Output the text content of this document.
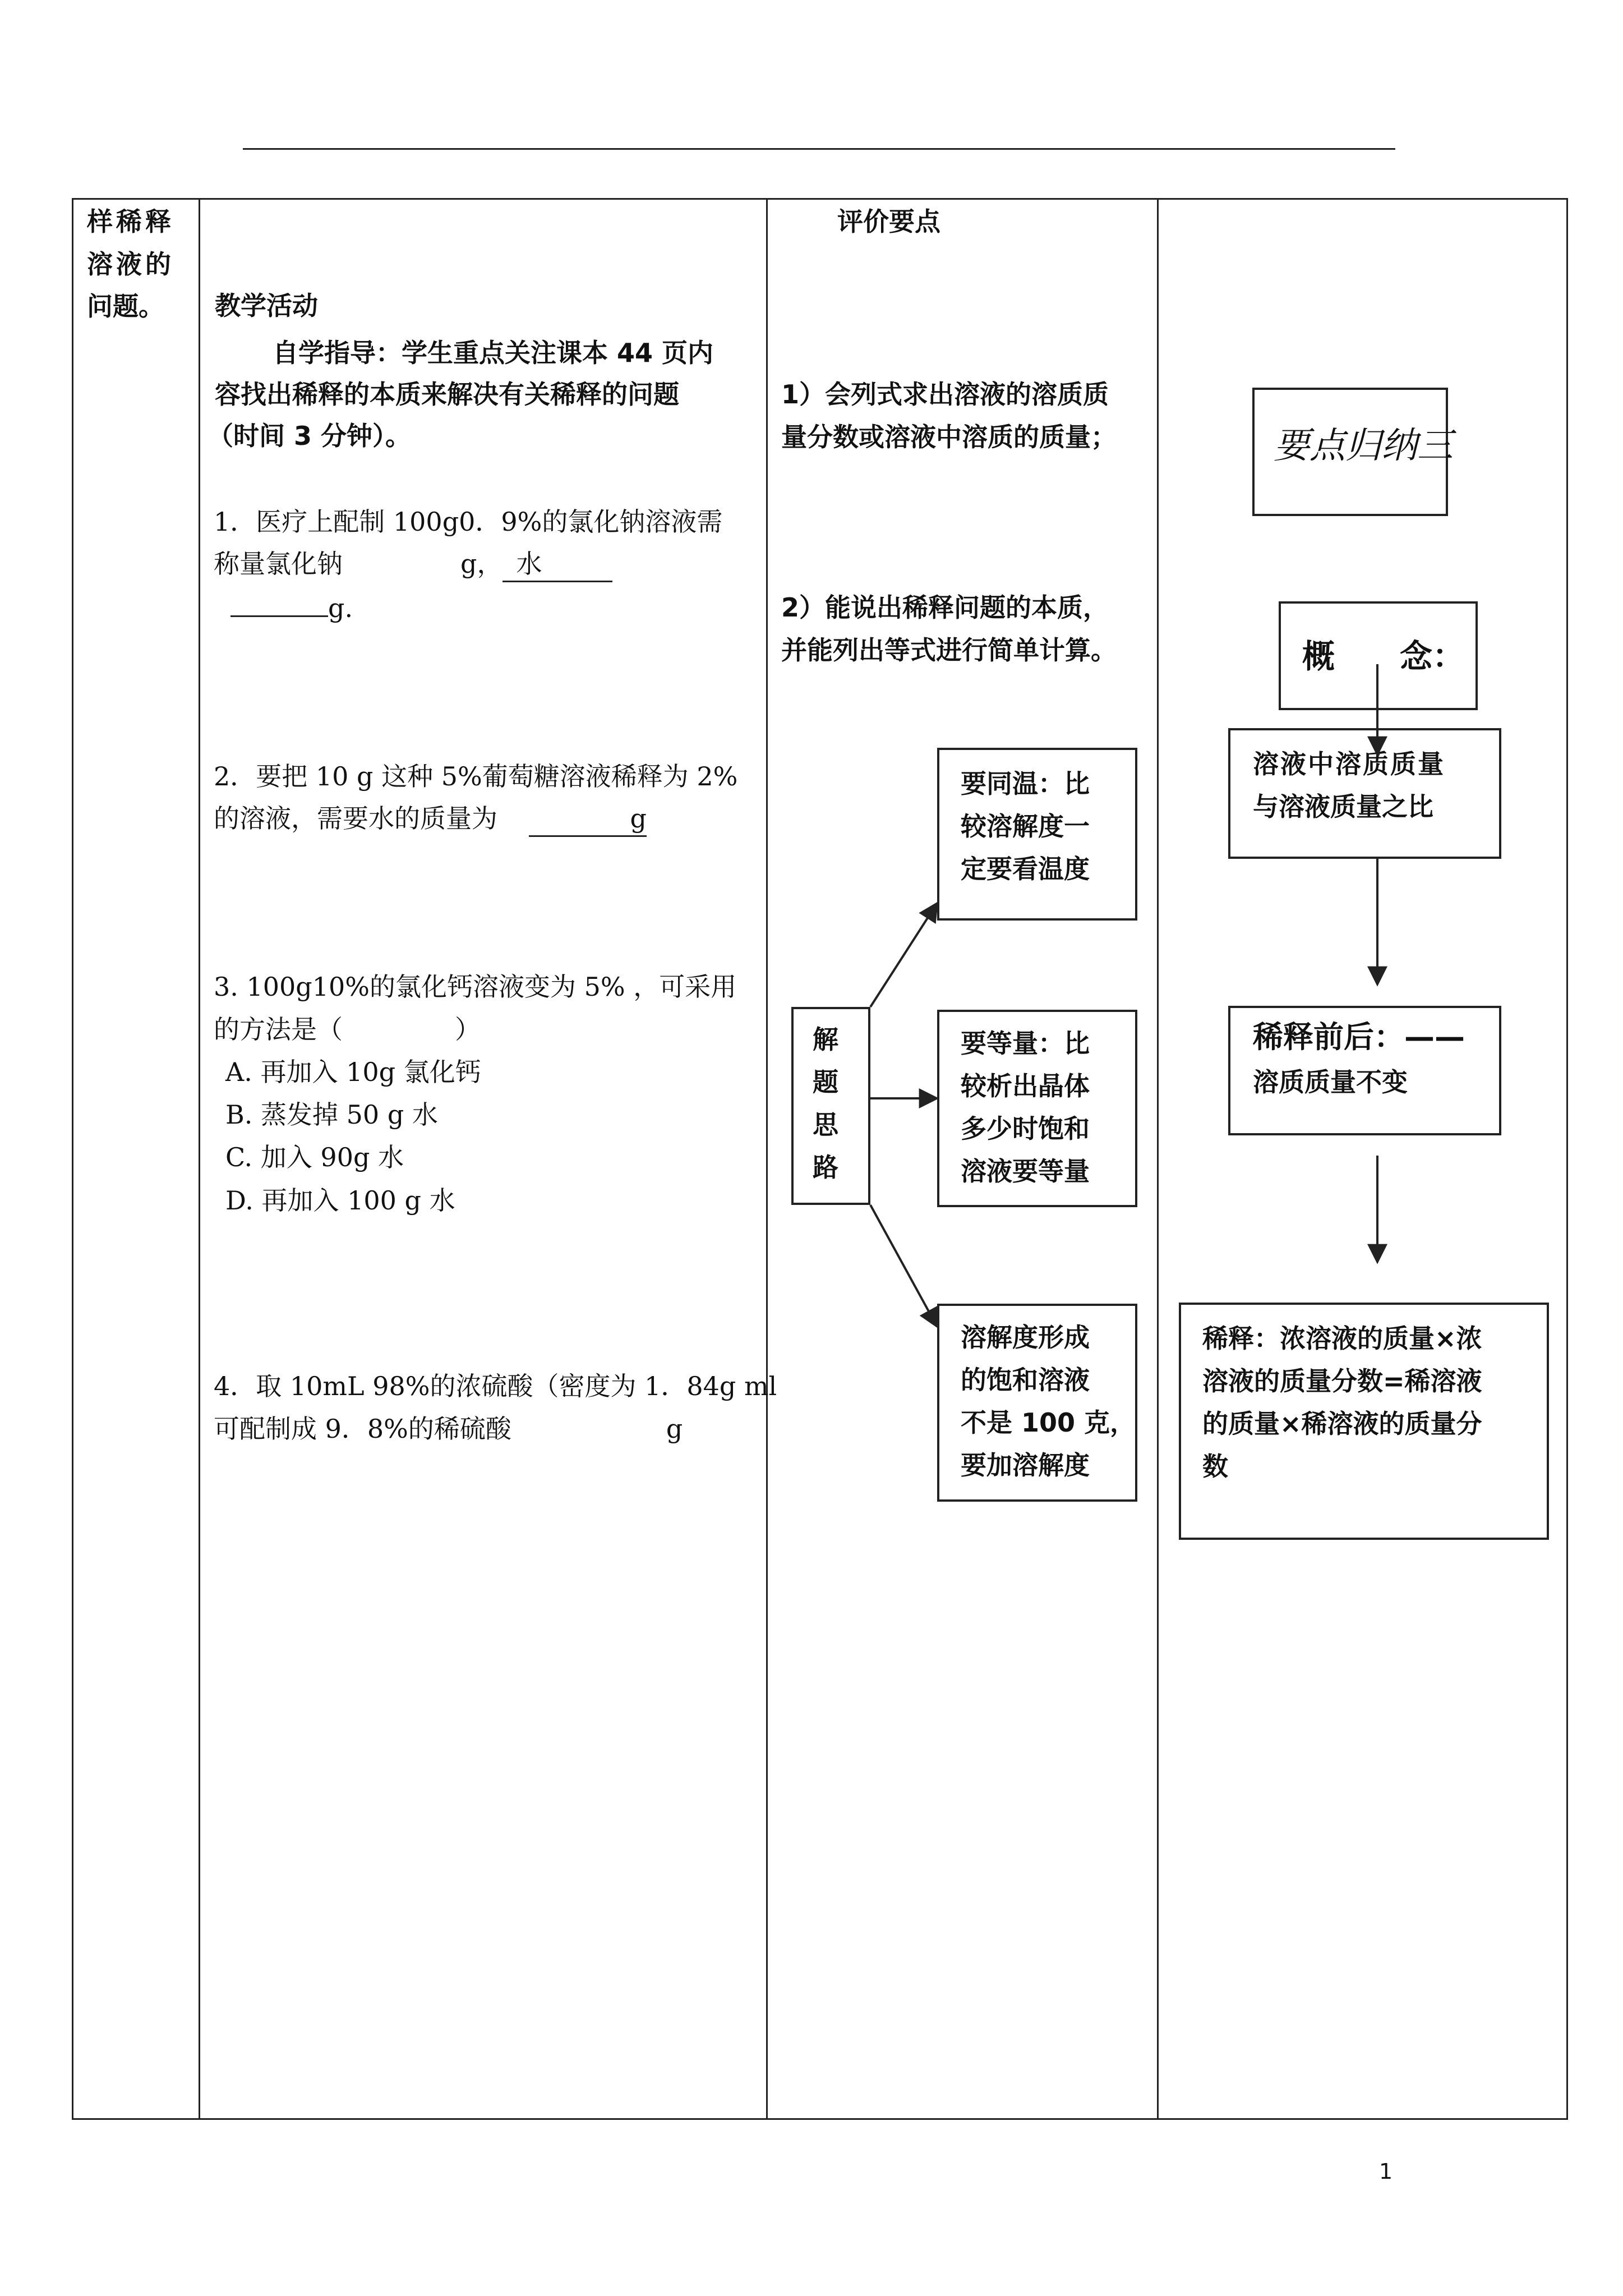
样稀释
溶液的
问题。 教学活动
自学指导：学生重点关注课本 44 页内
容找出稀释的本质来解决有关稀释的问题
（时间 3 分钟）。
1．医疗上配制 100g0．9%的氯化钠溶液需
称量氯化钠	g， 水
g.
2．要把 10 g 这种 5%葡萄糖溶液稀释为 2%
的溶液，需要水的质量为	g
3. 100g10%的氯化钙溶液变为 5% ，可采用
的方法是（	）
A. 再加入 10g 氯化钙
B. 蒸发掉 50 g 水
C. 加入 90g 水
D. 再加入 100 g 水
4．取 10mL 98%的浓硫酸（密度为 1．84g ml
可配制成 9．8%的稀硫酸	g
评价要点
1）会列式求出溶液的溶质质
量分数或溶液中溶质的质量；
2）能说出稀释问题的本质，
并能列出等式进行简单计算。
解
题
思
路
要同温：比
较溶解度一
定要看温度
要等量：比
较析出晶体
多少时饱和
溶液要等量
溶解度形成
的饱和溶液
不是 100 克，
要加溶解度
要点归纳三
概　　念：
溶液中溶质质量
与溶液质量之比
稀释前后：——
溶质质量不变
稀释：浓溶液的质量×浓
溶液的质量分数=稀溶液
的质量×稀溶液的质量分
数
1
